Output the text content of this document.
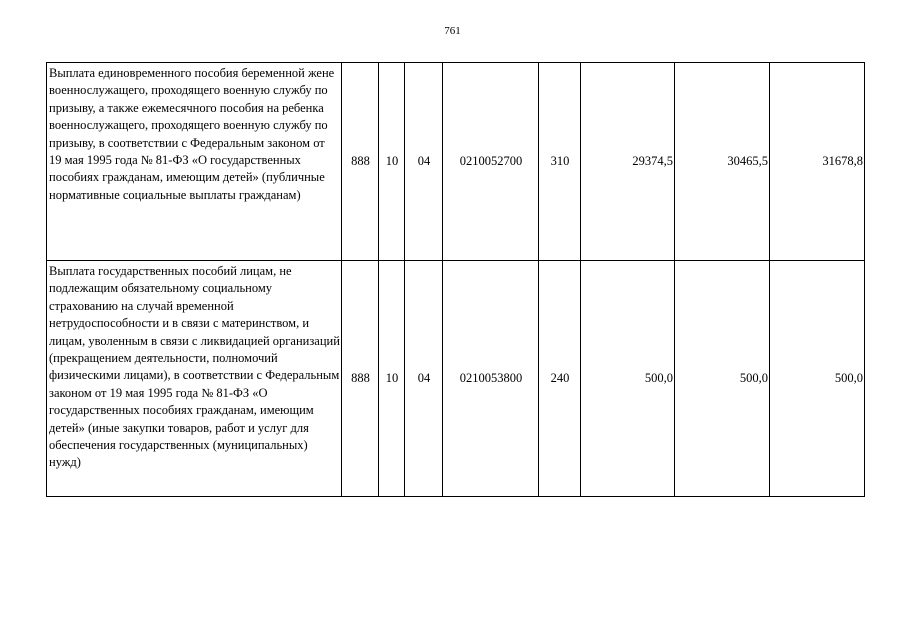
761
Выплата единовременного пособия беременной жене военнослужащего, проходящего военную службу по призыву, а также ежемесячного пособия на ребенка военнослужащего, проходящего военную службу по призыву, в соответствии с Федеральным законом от 19 мая 1995 года № 81-ФЗ «О государственных пособиях гражданам, имеющим детей» (публичные нормативные социальные выплаты гражданам)	888	10	04	0210052700	310	29374,5	30465,5	31678,8
Выплата государственных пособий лицам, не подлежащим обязательному социальному страхованию на случай временной нетрудоспособности и в связи с материнством, и лицам, уволенным в связи с ликвидацией организаций (прекращением деятельности, полномочий физическими лицами), в соответствии с Федеральным законом от 19 мая 1995 года № 81-ФЗ «О государственных пособиях гражданам, имеющим детей» (иные закупки товаров, работ и услуг для обеспечения государственных (муниципальных) нужд)	888	10	04	0210053800	240	500,0	500,0	500,0
